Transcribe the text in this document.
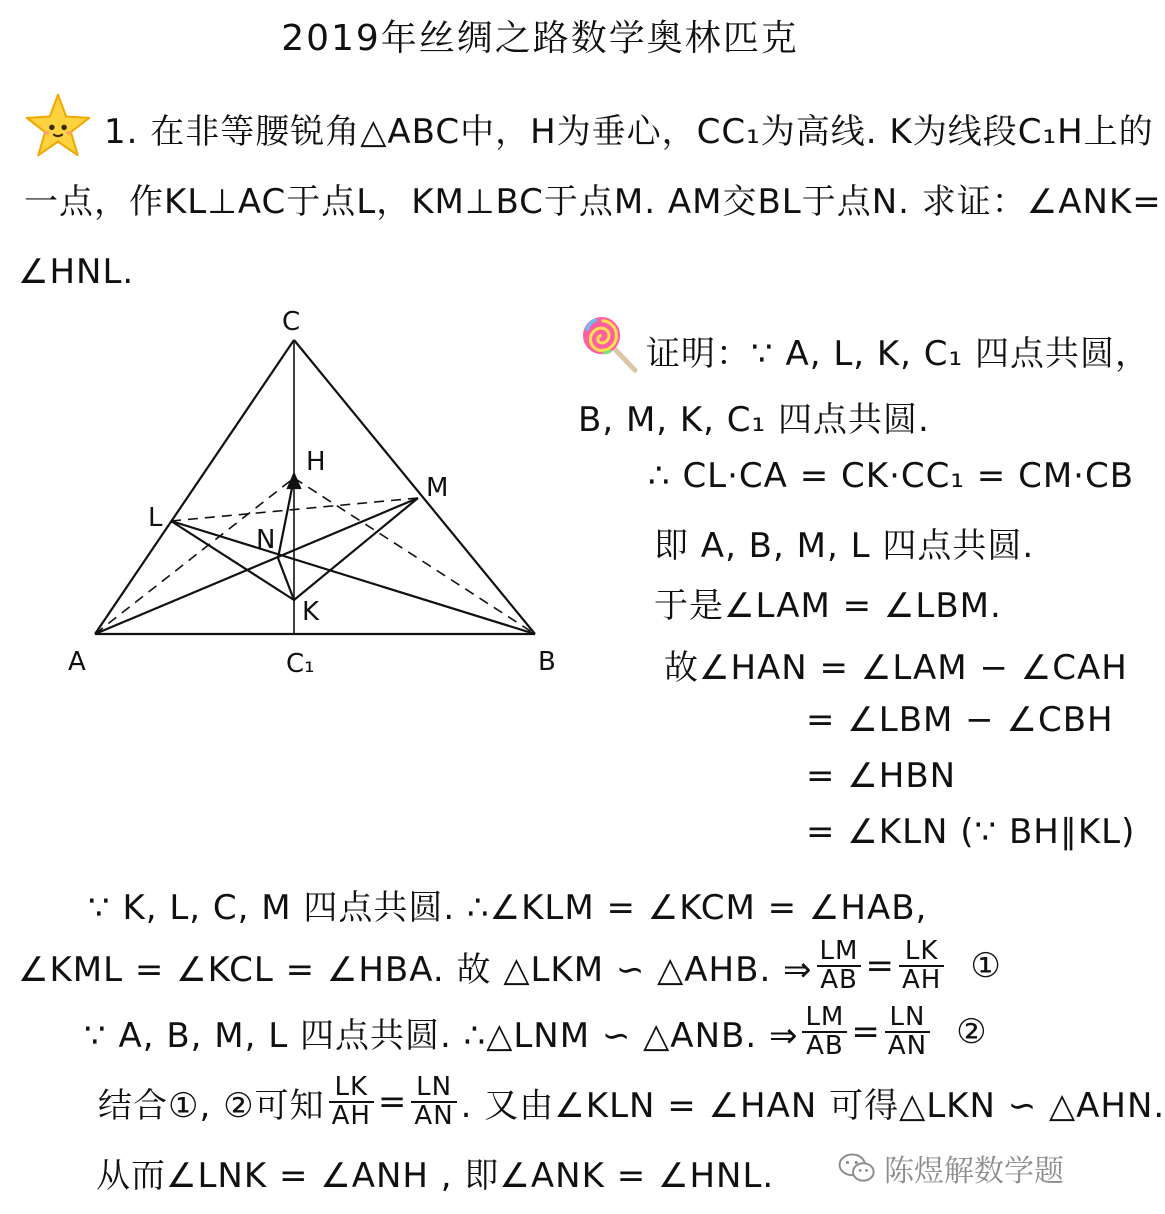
2019年丝绸之路数学奥林匹克
1. 在非等腰锐角△ABC中，H为垂心，CC₁为高线. K为线段C₁H上的
一点，作KL⊥AC于点L，KM⊥BC于点M. AM交BL于点N. 求证：∠ANK=
∠HNL.
C
H
M
L
N
K
A	C₁	B
证明：∵ A, L, K, C₁ 四点共圆，
B, M, K, C₁ 四点共圆.
∴ CL·CA = CK·CC₁ = CM·CB
即 A, B, M, L 四点共圆.
于是∠LAM = ∠LBM.
故∠HAN = ∠LAM − ∠CAH
= ∠LBM − ∠CBH
= ∠HBN
= ∠KLN (∵ BH∥KL)
∵ K, L, C, M 四点共圆. ∴∠KLM = ∠KCM = ∠HAB,
∠KML = ∠KCL = ∠HBA. 故 △LKM ∽ △AHB. ⇒ $\frac{LM}{AB} = \frac{LK}{AH}$ ①
∵ A, B, M, L 四点共圆. ∴△LNM ∽ △ANB. ⇒ $\frac{LM}{AB} = \frac{LN}{AN}$ ②
结合①, ②可知 $\frac{LK}{AH} = \frac{LN}{AN}$ . 又由∠KLN = ∠HAN 可得△LKN ∽ △AHN.
从而∠LNK = ∠ANH , 即∠ANK = ∠HNL.	陈煜解数学题
